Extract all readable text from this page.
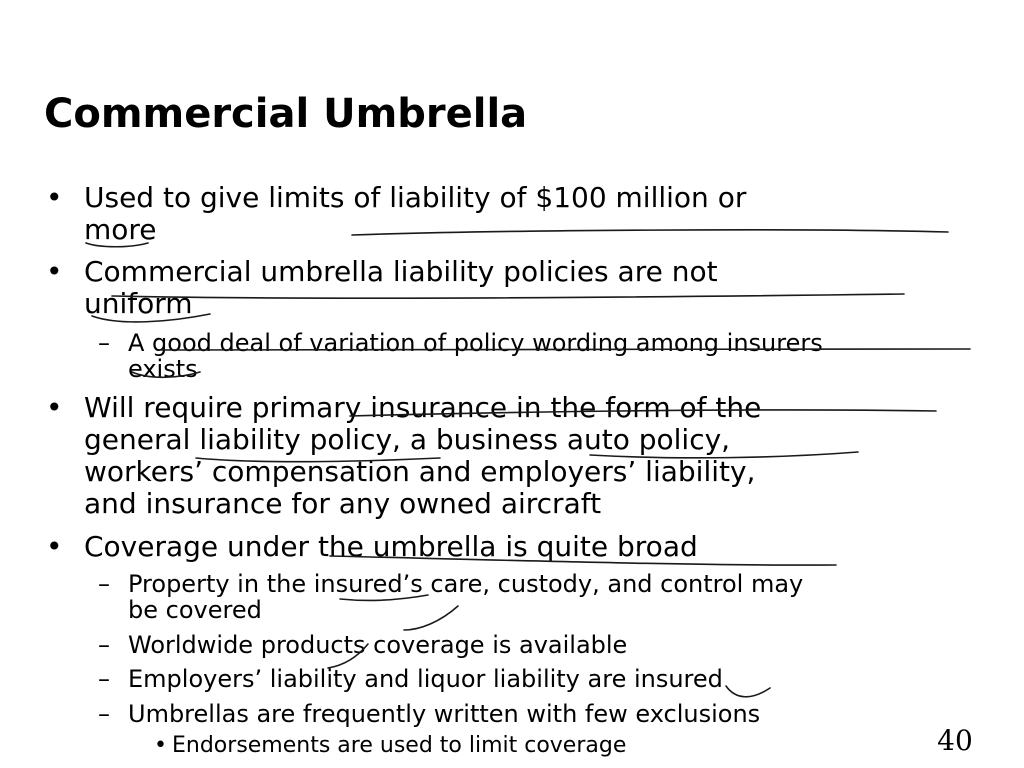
Commercial Umbrella
• Used to give limits of liability of $100 million or
more
• Commercial umbrella liability policies are not
uniform
– A good deal of variation of policy wording among insurers
exists
• Will require primary insurance in the form of the
general liability policy, a business auto policy,
workers’ compensation and employers’ liability,
and insurance for any owned aircraft
• Coverage under the umbrella is quite broad
– Property in the insured’s care, custody, and control may
be covered
– Worldwide products coverage is available
– Employers’ liability and liquor liability are insured
– Umbrellas are frequently written with few exclusions
• Endorsements are used to limit coverage	40
